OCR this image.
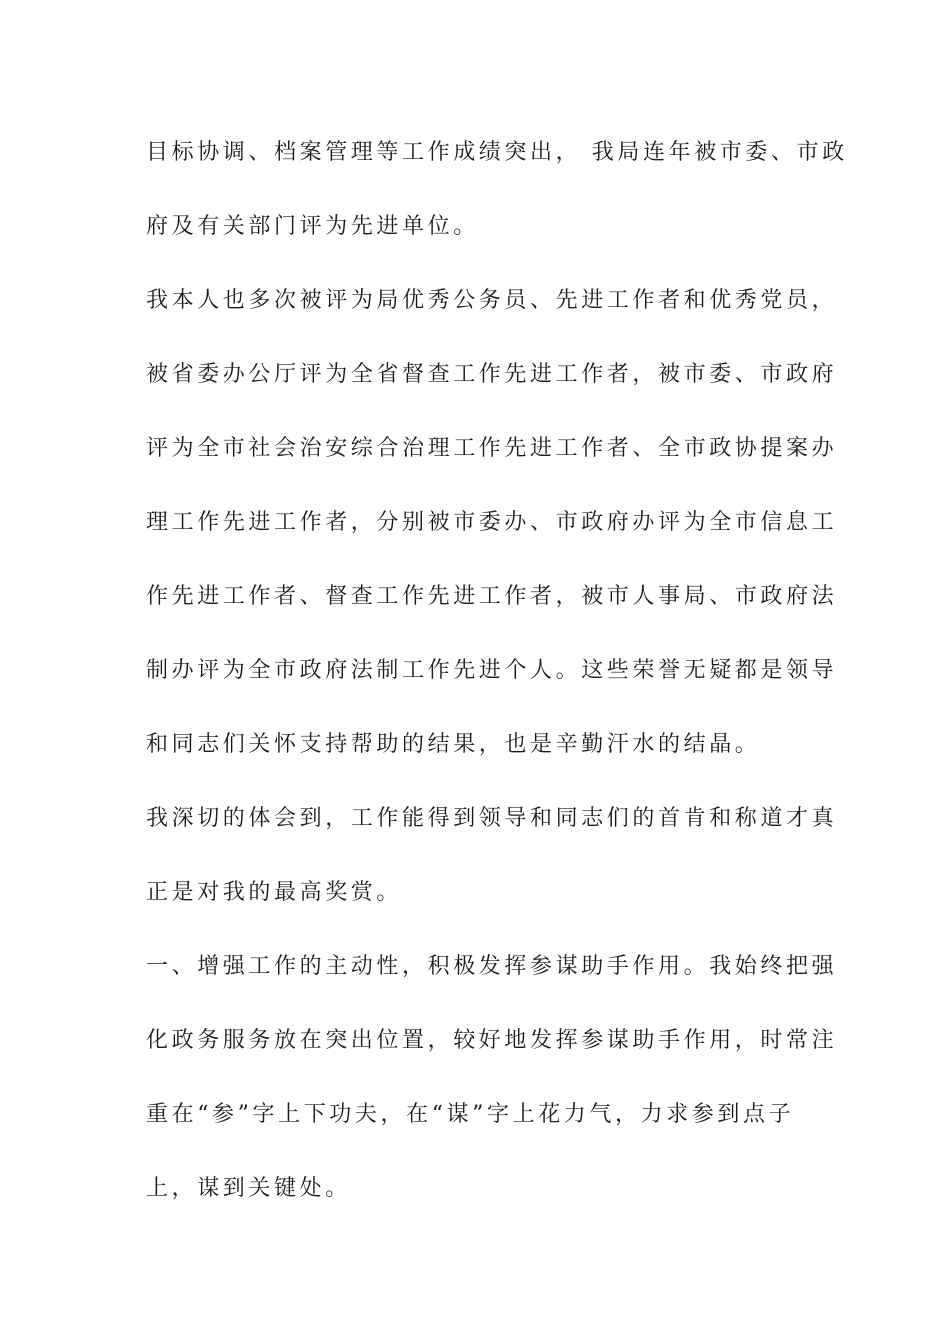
目标协调、档案管理等工作成绩突出， 我局连年被市委、市政
府及有关部门评为先进单位。
我本人也多次被评为局优秀公务员、先进工作者和优秀党员，
被省委办公厅评为全省督查工作先进工作者，被市委、市政府
评为全市社会治安综合治理工作先进工作者、全市政协提案办
理工作先进工作者，分别被市委办、市政府办评为全市信息工
作先进工作者、督查工作先进工作者，被市人事局、市政府法
制办评为全市政府法制工作先进个人。这些荣誉无疑都是领导
和同志们关怀支持帮助的结果，也是辛勤汗水的结晶。
我深切的体会到，工作能得到领导和同志们的首肯和称道才真
正是对我的最高奖赏。
一、增强工作的主动性，积极发挥参谋助手作用。我始终把强
化政务服务放在突出位置，较好地发挥参谋助手作用，时常注
重在“参”字上下功夫，在“谋”字上花力气，力求参到点子
上，谋到关键处。
